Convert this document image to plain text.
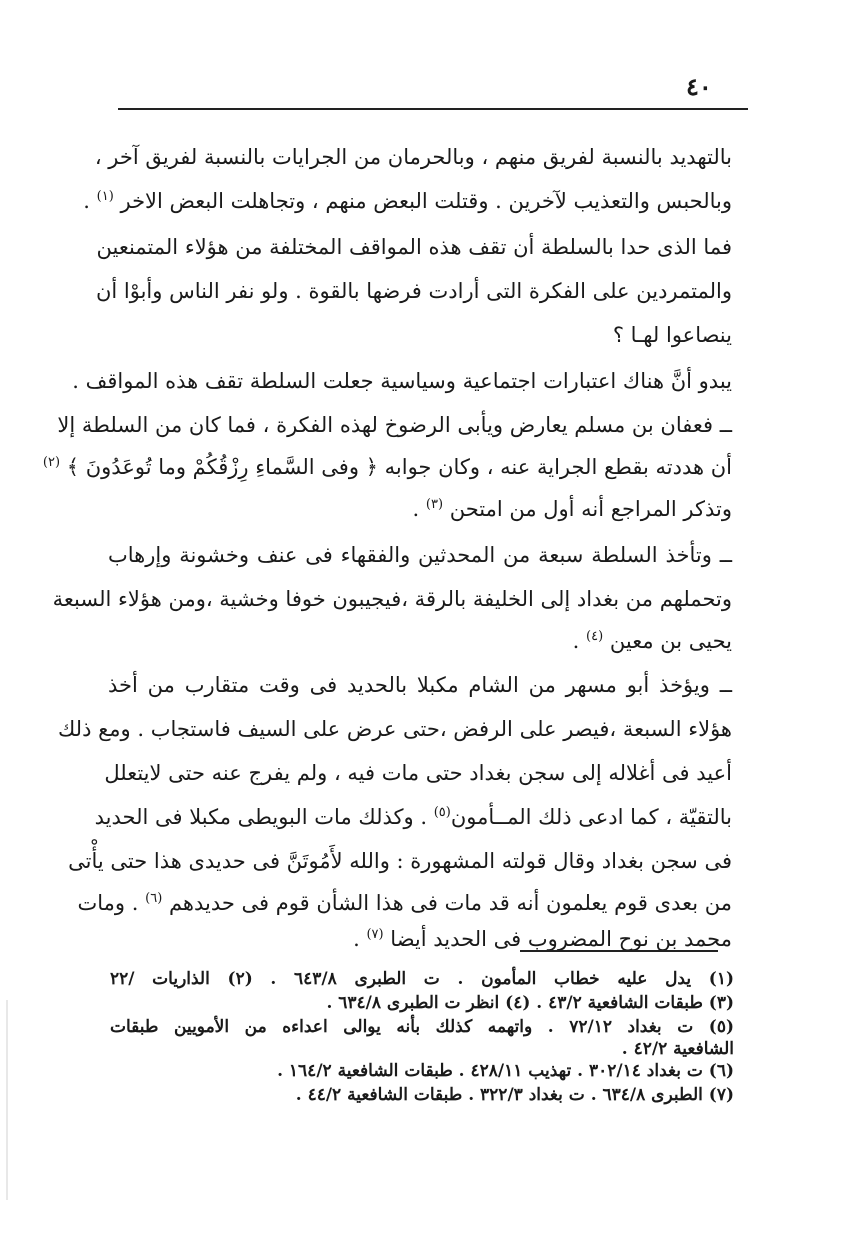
٤٠
بالتهديد بالنسبة لفريق منهم ، وبالحرمان من الجرايات بالنسبة لفريق آخر ،
وبالحبس والتعذيب لآخرين . وقتلت البعض منهم ، وتجاهلت البعض الاخر $^{(١)}$ .
فما الذى حدا بالسلطة أن تقف هذه المواقف المختلفة من هؤلاء المتمنعين
والمتمردين على الفكرة التى أرادت فرضها بالقوة . ولو نفر الناس وأبوْا أن
ينصاعوا لهـا ؟
يبدو أنَّ هناك اعتبارات اجتماعية وسياسية جعلت السلطة تقف هذه المواقف .
ــ فعفان بن مسلم يعارض ويأبى الرضوخ لهذه الفكرة ، فما كان من السلطة إلا
أن هددته بقطع الجراية عنه ، وكان جوابه ﴿ وفى السَّماءِ رِزْقُكُمْ وما تُوعَدُونَ ﴾ $^{(٢)}$
وتذكر المراجع أنه أول من امتحن $^{(٣)}$ .
ــ وتأخذ السلطة سبعة من المحدثين والفقهاء فى عنف وخشونة وإرهاب
وتحملهم من بغداد إلى الخليفة بالرقة ،فيجيبون خوفا وخشية ،ومن هؤلاء السبعة
يحيى بن معين $^{(٤)}$ .
ــ ويؤخذ أبو مسهر من الشام مكبلا بالحديد فى وقت متقارب من أخذ
هؤلاء السبعة ،فيصر على الرفض ،حتى عرض على السيف فاستجاب . ومع ذلك
أعيد فى أغلاله إلى سجن بغداد حتى مات فيه ، ولم يفرج عنه حتى لايتعلل
بالتقيّة ، كما ادعى ذلك المــأمون$^{(٥)}$ . وكذلك مات البويطى مكبلا فى الحديد
فى سجن بغداد وقال قولته المشهورة : والله لأَمُوتَنَّ فى حديدى هذا حتى يأْتى
من بعدى قوم يعلمون أنه قد مات فى هذا الشأن قوم فى حديدهم $^{(٦)}$ . ومات
محمد بن نوح المضروب فى الحديد أيضا $^{(٧)}$ .
(١) يدل عليه خطاب المأمون . ت الطبرى ٦٤٣/٨ . (٢) الذاريات /٢٢
(٣) طبقات الشافعية ٤٣/٢ . (٤) انظر ت الطبرى ٦٣٤/٨ .
(٥) ت بغداد ٧٢/١٢ . واتهمه كذلك بأنه يوالى اعداءه من الأمويين طبقات
الشافعية ٤٢/٢ .
(٦) ت بغداد ٣٠٢/١٤ . تهذيب ٤٢٨/١١ . طبقات الشافعية ١٦٤/٢ .
(٧) الطبرى ٦٣٤/٨ . ت بغداد ٣٢٢/٣ . طبقات الشافعية ٤٤/٢ .
